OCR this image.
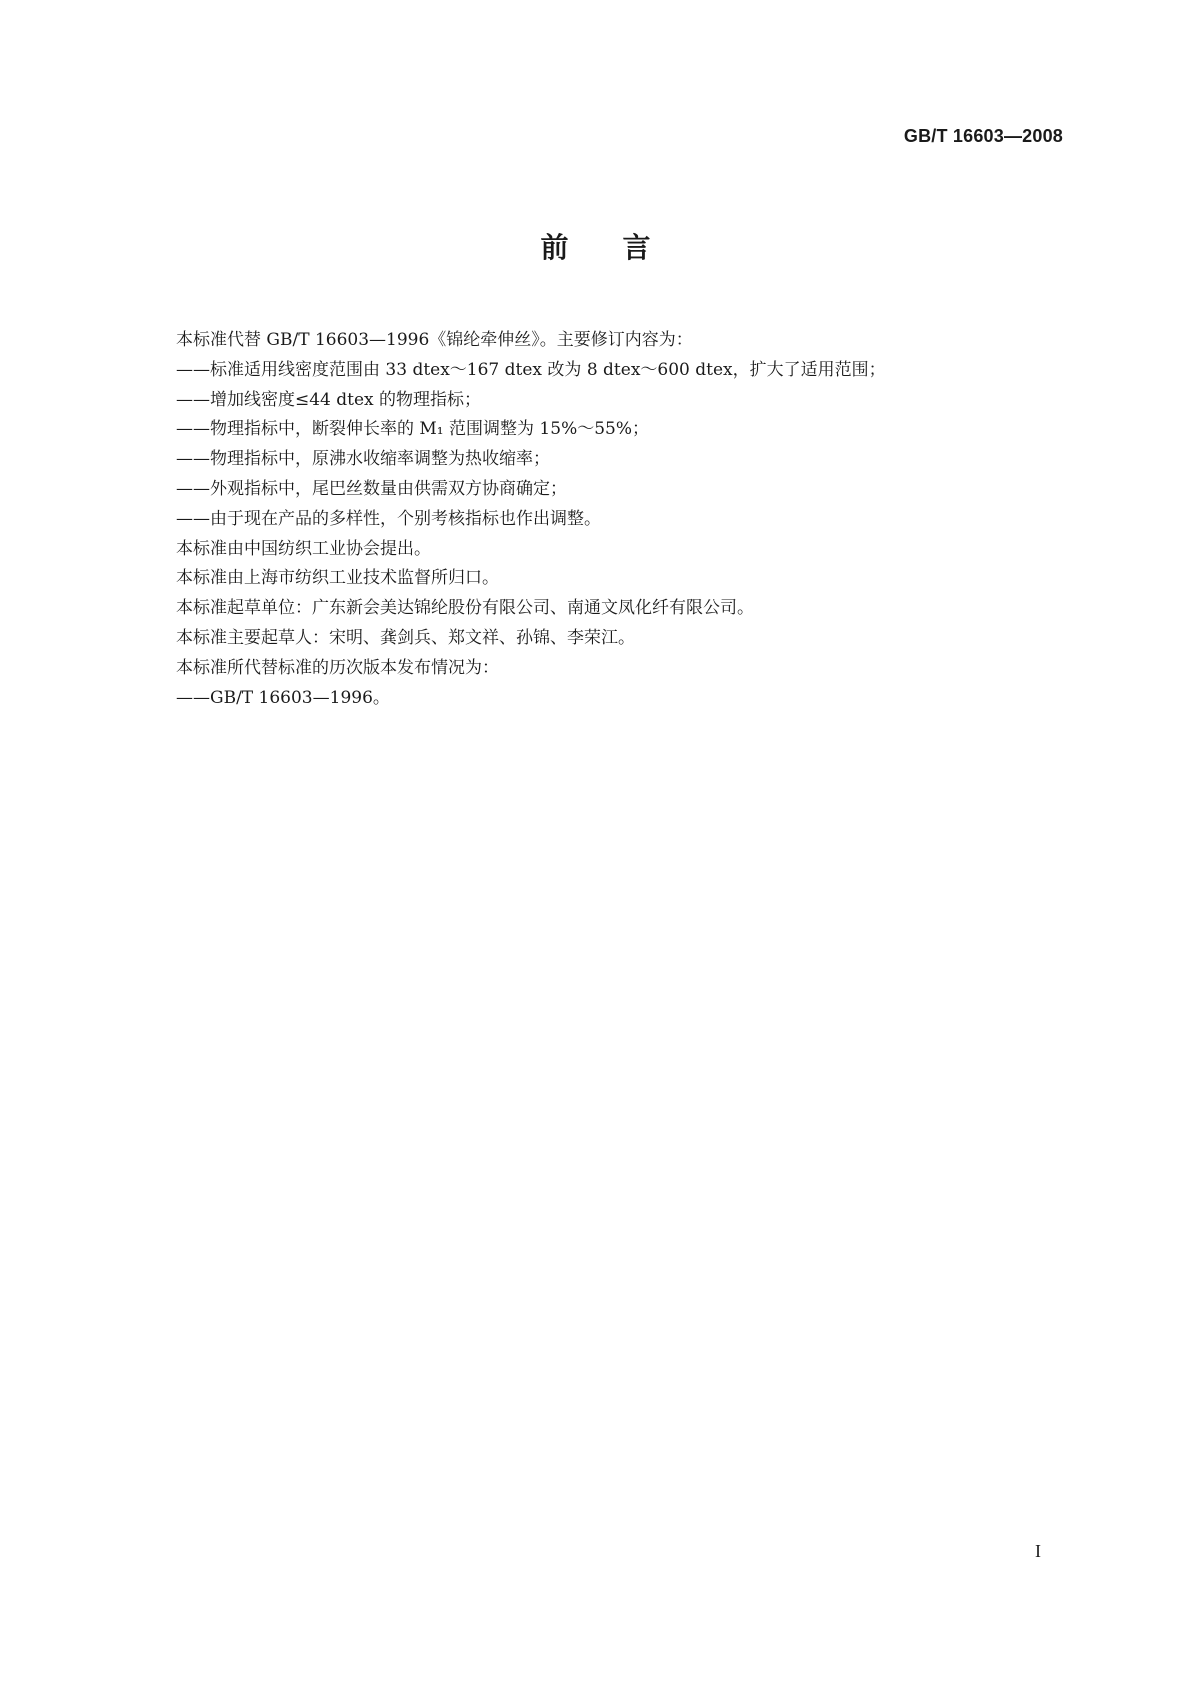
GB/T 16603—2008
前言
本标准代替 GB/T 16603—1996《锦纶牵伸丝》。主要修订内容为：
——标准适用线密度范围由 33 dtex～167 dtex 改为 8 dtex～600 dtex，扩大了适用范围；
——增加线密度≤44 dtex 的物理指标；
——物理指标中，断裂伸长率的 M₁ 范围调整为 15%～55%；
——物理指标中，原沸水收缩率调整为热收缩率；
——外观指标中，尾巴丝数量由供需双方协商确定；
——由于现在产品的多样性，个别考核指标也作出调整。
本标准由中国纺织工业协会提出。
本标准由上海市纺织工业技术监督所归口。
本标准起草单位：广东新会美达锦纶股份有限公司、南通文凤化纤有限公司。
本标准主要起草人：宋明、龚剑兵、郑文祥、孙锦、李荣江。
本标准所代替标准的历次版本发布情况为：
——GB/T 16603—1996。
I
